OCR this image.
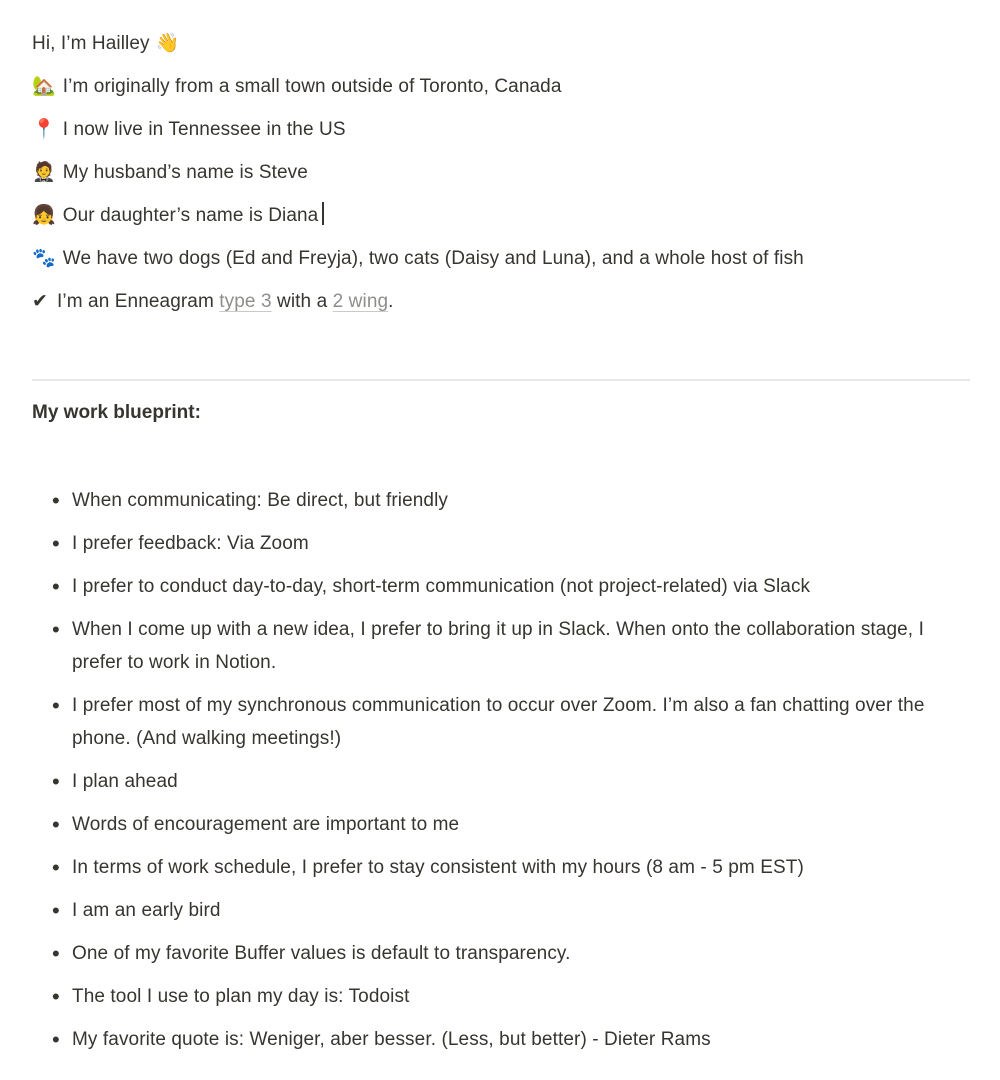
Hi, I’m Hailley 👋

🏡 I’m originally from a small town outside of Toronto, Canada

📍 I now live in Tennessee in the US

🤵 My husband’s name is Steve

👧 Our daughter’s name is Diana

🐾 We have two dogs (Ed and Freyja), two cats (Daisy and Luna), and a whole host of fish

✔ I’m an Enneagram type 3 with a 2 wing.

My work blueprint:
• When communicating: Be direct, but friendly
• I prefer feedback: Via Zoom
• I prefer to conduct day-to-day, short-term communication (not project-related) via Slack
• When I come up with a new idea, I prefer to bring it up in Slack. When onto the collaboration stage, I prefer to work in Notion.
• I prefer most of my synchronous communication to occur over Zoom. I’m also a fan chatting over the phone. (And walking meetings!)
• I plan ahead
• Words of encouragement are important to me
• In terms of work schedule, I prefer to stay consistent with my hours (8 am - 5 pm EST)
• I am an early bird
• One of my favorite Buffer values is default to transparency.
• The tool I use to plan my day is: Todoist
• My favorite quote is: Weniger, aber besser. (Less, but better) - Dieter Rams
